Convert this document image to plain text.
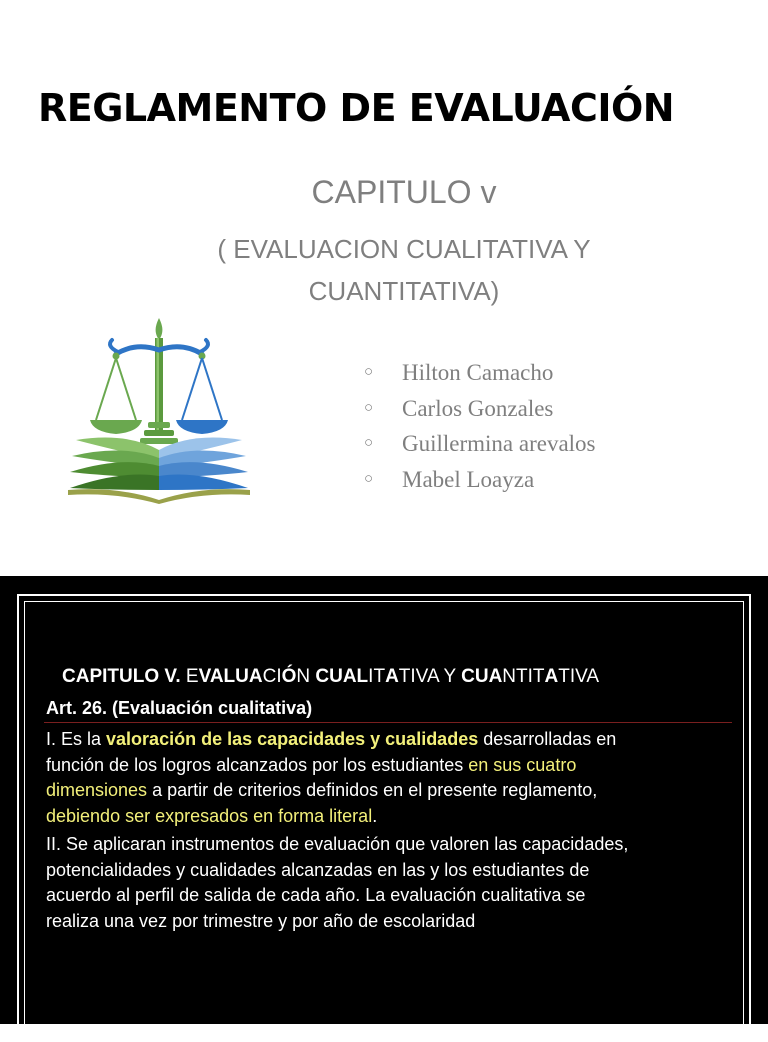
REGLAMENTO DE EVALUACIÓN
CAPITULO v
( EVALUACION CUALITATIVA Y
CUANTITATIVA)
○ Hilton Camacho
○ Carlos Gonzales
○ Guillermina arevalos
○ Mabel Loayza
CAPITULO V. EVALUACIÓN CUALITATIVA Y CUANTITATIVA
Art. 26. (Evaluación cualitativa)

I. Es la valoración de las capacidades y cualidades desarrolladas en
función de los logros alcanzados por los estudiantes en sus cuatro
dimensiones a partir de criterios definidos en el presente reglamento,
debiendo ser expresados en forma literal.

II. Se aplicaran instrumentos de evaluación que valoren las capacidades,
potencialidades y cualidades alcanzadas en las y los estudiantes de
acuerdo al perfil de salida de cada año. La evaluación cualitativa se
realiza una vez por trimestre y por año de escolaridad
